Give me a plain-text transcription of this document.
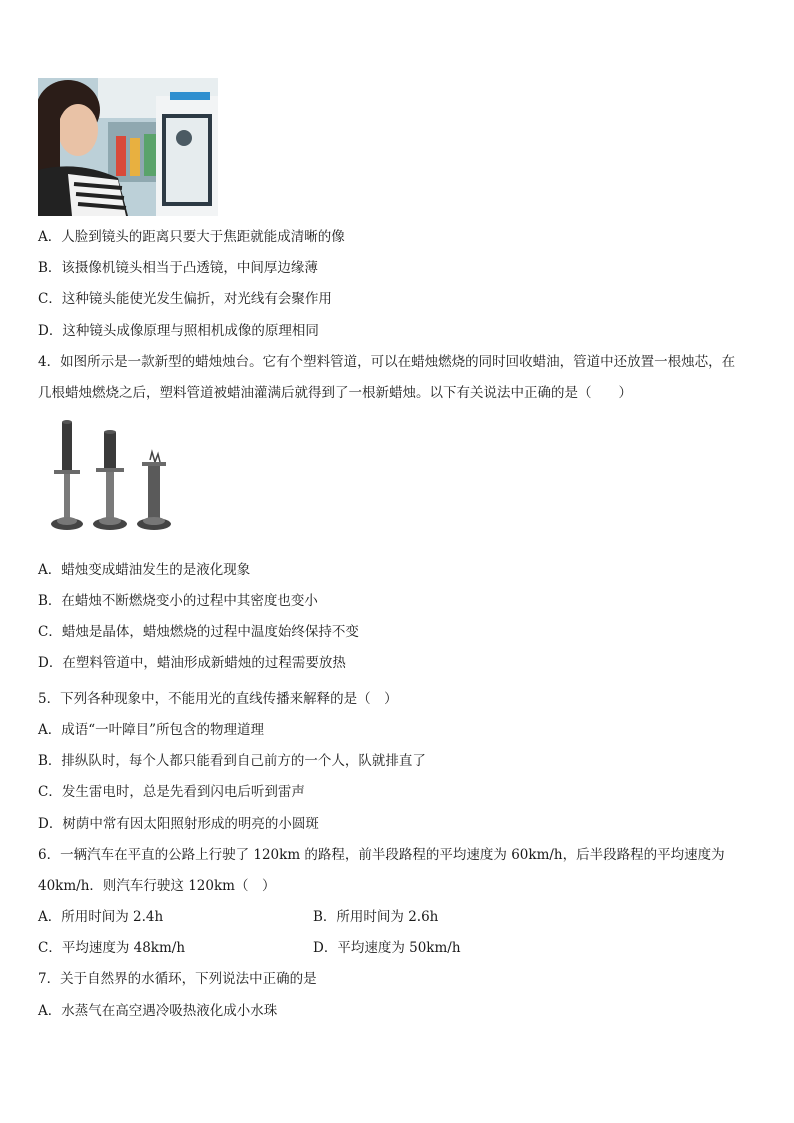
A．人脸到镜头的距离只要大于焦距就能成清晰的像
B．该摄像机镜头相当于凸透镜，中间厚边缘薄
C．这种镜头能使光发生偏折，对光线有会聚作用
D．这种镜头成像原理与照相机成像的原理相同
4．如图所示是一款新型的蜡烛烛台。它有个塑料管道，可以在蜡烛燃烧的同时回收蜡油，管道中还放置一根烛芯，在
几根蜡烛燃烧之后，塑料管道被蜡油灌满后就得到了一根新蜡烛。以下有关说法中正确的是（　　）
A．蜡烛变成蜡油发生的是液化现象
B．在蜡烛不断燃烧变小的过程中其密度也变小
C．蜡烛是晶体，蜡烛燃烧的过程中温度始终保持不变
D．在塑料管道中，蜡油形成新蜡烛的过程需要放热
5．下列各种现象中，不能用光的直线传播来解释的是（　）
A．成语“一叶障目”所包含的物理道理
B．排纵队时，每个人都只能看到自己前方的一个人，队就排直了
C．发生雷电时，总是先看到闪电后听到雷声
D．树荫中常有因太阳照射形成的明亮的小圆斑
6．一辆汽车在平直的公路上行驶了 120km 的路程，前半段路程的平均速度为 60km/h，后半段路程的平均速度为
40km/h．则汽车行驶这 120km（　）
A．所用时间为 2.4h	B．所用时间为 2.6h
C．平均速度为 48km/h	D．平均速度为 50km/h
7．关于自然界的水循环，下列说法中正确的是
A．水蒸气在高空遇冷吸热液化成小水珠
